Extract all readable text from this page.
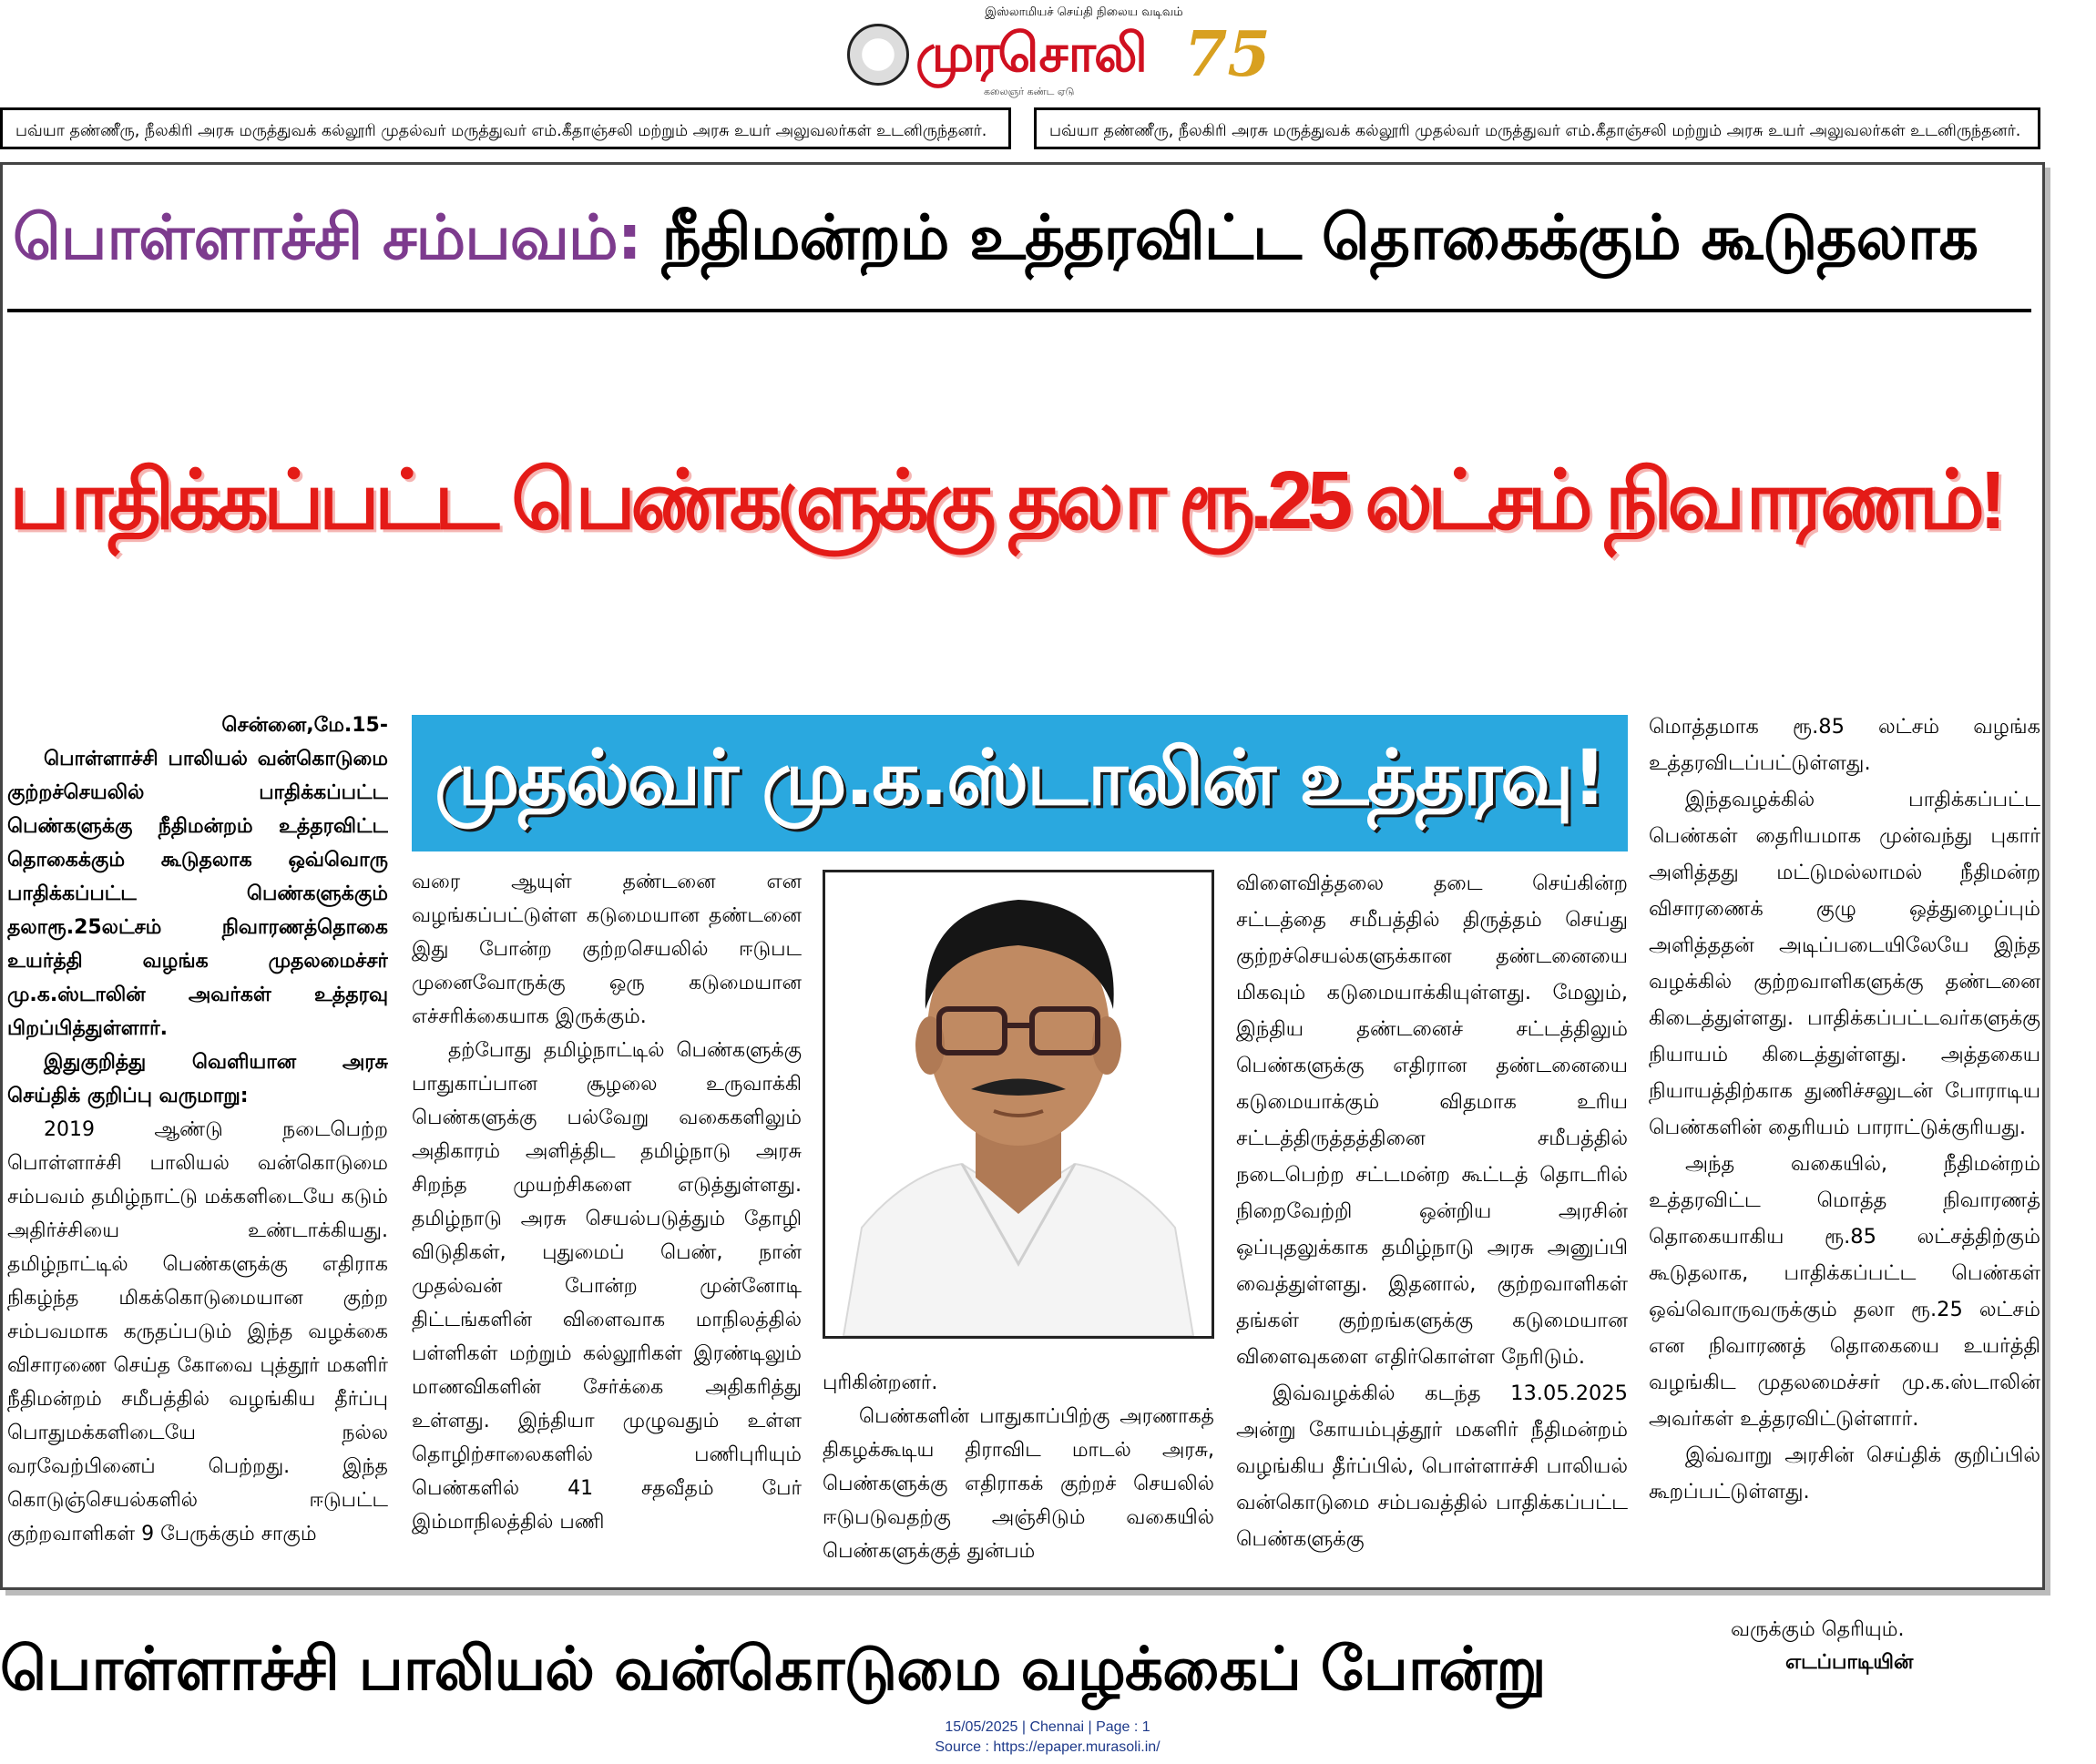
இஸ்லாமியச் செய்தி நிலைய வடிவம்
முரசொலி
கலைஞர் கண்ட ஏடு
75
பவ்யா தண்ணீரு, நீலகிரி அரசு மருத்துவக் கல்லூரி முதல்வர் மருத்துவர் எம்.கீதாஞ்சலி மற்றும் அரசு உயர் அலுவலர்கள் உடனிருந்தனர்.	பவ்யா தண்ணீரு, நீலகிரி அரசு மருத்துவக் கல்லூரி முதல்வர் மருத்துவர் எம்.கீதாஞ்சலி மற்றும் அரசு உயர் அலுவலர்கள் உடனிருந்தனர்.
பொள்ளாச்சி சம்பவம்: நீதிமன்றம் உத்தரவிட்ட தொகைக்கும் கூடுதலாக
பாதிக்கப்பட்ட பெண்களுக்கு தலா ரூ.25 லட்சம் நிவாரணம்!
முதல்வர் மு.க.ஸ்டாலின் உத்தரவு!

சென்னை,மே.15-

பொள்ளாச்சி பாலியல் வன்கொடுமை குற்றச்செயலில் பாதிக்கப்பட்ட பெண்களுக்கு நீதிமன்றம் உத்தரவிட்ட தொகைக்கும் கூடுதலாக ஒவ்வொரு பாதிக்கப்பட்ட பெண்களுக்கும் தலாரூ.25லட்சம் நிவாரணத்தொகை உயர்த்தி வழங்க முதலமைச்சர் மு.க.ஸ்டாலின் அவர்கள் உத்தரவு பிறப்பித்துள்ளார்.

இதுகுறித்து வெளியான அரசு செய்திக் குறிப்பு வருமாறு:

2019 ஆண்டு நடைபெற்ற பொள்ளாச்சி பாலியல் வன்கொடுமை சம்பவம் தமிழ்நாட்டு மக்களிடையே கடும் அதிர்ச்சியை உண்டாக்கியது. தமிழ்நாட்டில் பெண்களுக்கு எதிராக நிகழ்ந்த மிகக்கொடுமையான குற்ற சம்பவமாக கருதப்படும் இந்த வழக்கை விசாரணை செய்த கோவை புத்தூர் மகளிர் நீதிமன்றம் சமீபத்தில் வழங்கிய தீர்ப்பு பொதுமக்களிடையே நல்ல வரவேற்பினைப் பெற்றது. இந்த கொடுஞ்செயல்களில் ஈடுபட்ட குற்றவாளிகள் 9 பேருக்கும் சாகும்

வரை ஆயுள் தண்டனை என வழங்கப்பட்டுள்ள கடுமையான தண்டனை இது போன்ற குற்றசெயலில் ஈடுபட முனைவோருக்கு ஒரு கடுமையான எச்சரிக்கையாக இருக்கும்.

தற்போது தமிழ்நாட்டில் பெண்களுக்கு பாதுகாப்பான சூழலை உருவாக்கி பெண்களுக்கு பல்வேறு வகைகளிலும் அதிகாரம் அளித்திட தமிழ்நாடு அரசு சிறந்த முயற்சிகளை எடுத்துள்ளது. தமிழ்நாடு அரசு செயல்படுத்தும் தோழி விடுதிகள், புதுமைப் பெண், நான் முதல்வன் போன்ற முன்னோடி திட்டங்களின் விளைவாக மாநிலத்தில் பள்ளிகள் மற்றும் கல்லூரிகள் இரண்டிலும் மாணவிகளின் சேர்க்கை அதிகரித்து உள்ளது. இந்தியா முழுவதும் உள்ள தொழிற்சாலைகளில் பணிபுரியும் பெண்களில் 41 சதவீதம் பேர் இம்மாநிலத்தில் பணி

புரிகின்றனர்.

பெண்களின் பாதுகாப்பிற்கு அரணாகத் திகழக்கூடிய திராவிட மாடல் அரசு, பெண்களுக்கு எதிராகக் குற்றச் செயலில் ஈடுபடுவதற்கு அஞ்சிடும் வகையில் பெண்களுக்குத் துன்பம்

விளைவித்தலை தடை செய்கின்ற சட்டத்தை சமீபத்தில் திருத்தம் செய்து குற்றச்செயல்களுக்கான தண்டனையை மிகவும் கடுமையாக்கியுள்ளது. மேலும், இந்திய தண்டனைச் சட்டத்திலும் பெண்களுக்கு எதிரான தண்டனையை கடுமையாக்கும் விதமாக உரிய சட்டத்திருத்தத்தினை சமீபத்தில் நடைபெற்ற சட்டமன்ற கூட்டத் தொடரில் நிறைவேற்றி ஒன்றிய அரசின் ஒப்புதலுக்காக தமிழ்நாடு அரசு அனுப்பி வைத்துள்ளது. இதனால், குற்றவாளிகள் தங்கள் குற்றங்களுக்கு கடுமையான விளைவுகளை எதிர்கொள்ள நேரிடும்.

இவ்வழக்கில் கடந்த 13.05.2025 அன்று கோயம்புத்தூர் மகளிர் நீதிமன்றம் வழங்கிய தீர்ப்பில், பொள்ளாச்சி பாலியல் வன்கொடுமை சம்பவத்தில் பாதிக்கப்பட்ட பெண்களுக்கு

மொத்தமாக ரூ.85 லட்சம் வழங்க உத்தரவிடப்பட்டுள்ளது.

இந்தவழக்கில் பாதிக்கப்பட்ட பெண்கள் தைரியமாக முன்வந்து புகார் அளித்தது மட்டுமல்லாமல் நீதிமன்ற விசாரணைக் குழு ஒத்துழைப்பும் அளித்ததன் அடிப்படையிலேயே இந்த வழக்கில் குற்றவாளிகளுக்கு தண்டனை கிடைத்துள்ளது. பாதிக்கப்பட்டவர்களுக்கு நியாயம் கிடைத்துள்ளது. அத்தகைய நியாயத்திற்காக துணிச்சலுடன் போராடிய பெண்களின் தைரியம் பாராட்டுக்குரியது.

அந்த வகையில், நீதிமன்றம் உத்தரவிட்ட மொத்த நிவாரணத் தொகையாகிய ரூ.85 லட்சத்திற்கும் கூடுதலாக, பாதிக்கப்பட்ட பெண்கள் ஒவ்வொருவருக்கும் தலா ரூ.25 லட்சம் என நிவாரணத் தொகையை உயர்த்தி வழங்கிட முதலமைச்சர் மு.க.ஸ்டாலின் அவர்கள் உத்தரவிட்டுள்ளார்.

இவ்வாறு அரசின் செய்திக் குறிப்பில் கூறப்பட்டுள்ளது.

பொள்ளாச்சி பாலியல் வன்கொடுமை வழக்கைப் போன்று
வருக்கும் தெரியும்.
எடப்பாடியின்
15/05/2025 | Chennai | Page : 1
Source : https://epaper.murasoli.in/
